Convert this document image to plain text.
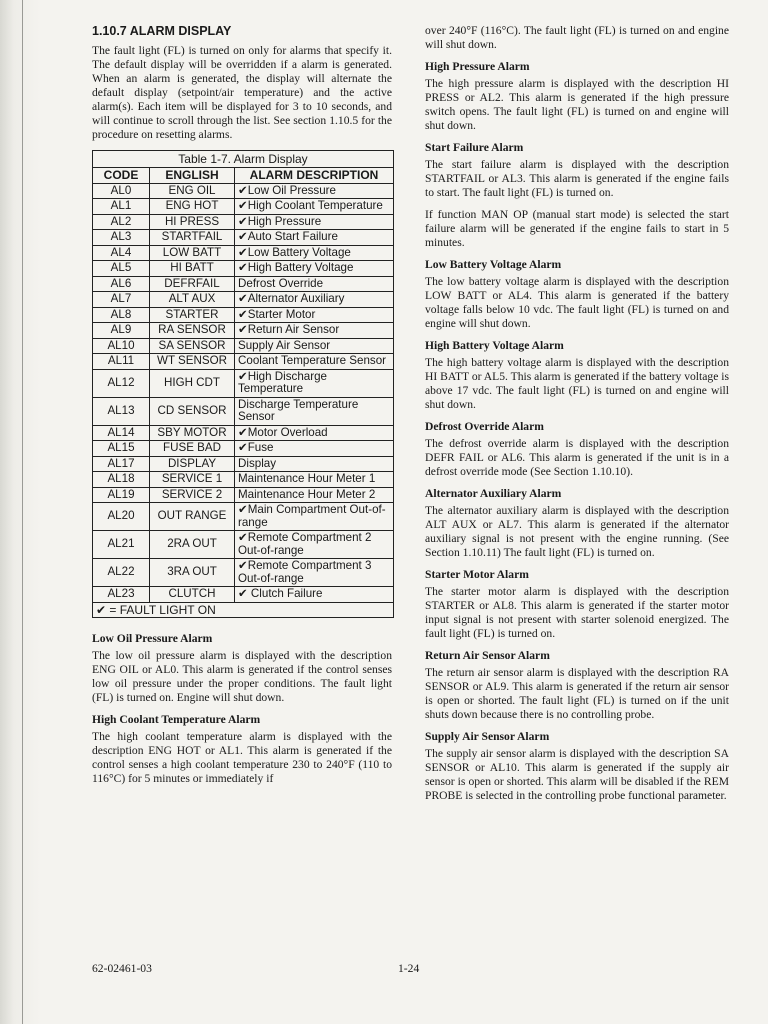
1.10.7 ALARM DISPLAY

The fault light (FL) is turned on only for alarms that specify it. The default display will be overridden if a alarm is generated. When an alarm is generated, the display will alternate the default display (setpoint/air temperature) and the active alarm(s). Each item will be displayed for 3 to 10 seconds, and will continue to scroll through the list. See section 1.10.5 for the procedure on resetting alarms.

Table 1-7. Alarm Display
CODE	ENGLISH	ALARM DESCRIPTION
AL0	ENG OIL	✔Low Oil Pressure
AL1	ENG HOT	✔High Coolant Temperature
AL2	HI PRESS	✔High Pressure
AL3	STARTFAIL	✔Auto Start Failure
AL4	LOW BATT	✔Low Battery Voltage
AL5	HI BATT	✔High Battery Voltage
AL6	DEFRFAIL	Defrost Override
AL7	ALT AUX	✔Alternator Auxiliary
AL8	STARTER	✔Starter Motor
AL9	RA SENSOR	✔Return Air Sensor
AL10	SA SENSOR	Supply Air Sensor
AL11	WT SENSOR	Coolant Temperature Sensor
AL12	HIGH CDT	✔High Discharge Temperature
AL13	CD SENSOR	Discharge Temperature Sensor
AL14	SBY MOTOR	✔Motor Overload
AL15	FUSE BAD	✔Fuse
AL17	DISPLAY	Display
AL18	SERVICE 1	Maintenance Hour Meter 1
AL19	SERVICE 2	Maintenance Hour Meter 2
AL20	OUT RANGE	✔Main Compartment Out-of-range
AL21	2RA OUT	✔Remote Compartment 2 Out-of-range
AL22	3RA OUT	✔Remote Compartment 3 Out-of-range
AL23	CLUTCH	✔ Clutch Failure
✔ = FAULT LIGHT ON		
Low Oil Pressure Alarm

The low oil pressure alarm is displayed with the description ENG OIL or AL0. This alarm is generated if the control senses low oil pressure under the proper conditions. The fault light (FL) is turned on. Engine will shut down.

High Coolant Temperature Alarm

The high coolant temperature alarm is displayed with the description ENG HOT or AL1. This alarm is generated if the control senses a high coolant temperature 230 to 240°F (110 to 116°C) for 5 minutes or immediately if

over 240°F (116°C). The fault light (FL) is turned on and engine will shut down.

High Pressure Alarm

The high pressure alarm is displayed with the description HI PRESS or AL2. This alarm is generated if the high pressure switch opens. The fault light (FL) is turned on and engine will shut down.

Start Failure Alarm

The start failure alarm is displayed with the description STARTFAIL or AL3. This alarm is generated if the engine fails to start. The fault light (FL) is turned on.

If function MAN OP (manual start mode) is selected the start failure alarm will be generated if the engine fails to start in 5 minutes.

Low Battery Voltage Alarm

The low battery voltage alarm is displayed with the description LOW BATT or AL4. This alarm is generated if the battery voltage falls below 10 vdc. The fault light (FL) is turned on and engine will shut down.

High Battery Voltage Alarm

The high battery voltage alarm is displayed with the description HI BATT or AL5. This alarm is generated if the battery voltage is above 17 vdc. The fault light (FL) is turned on and engine will shut down.

Defrost Override Alarm

The defrost override alarm is displayed with the description DEFR FAIL or AL6. This alarm is generated if the unit is in a defrost override mode (See Section 1.10.10).

Alternator Auxiliary Alarm

The alternator auxiliary alarm is displayed with the description ALT AUX or AL7. This alarm is generated if the alternator auxiliary signal is not present with the engine running. (See Section 1.10.11) The fault light (FL) is turned on.

Starter Motor Alarm

The starter motor alarm is displayed with the description STARTER or AL8. This alarm is generated if the starter motor input signal is not present with starter solenoid energized. The fault light (FL) is turned on.

Return Air Sensor Alarm

The return air sensor alarm is displayed with the description RA SENSOR or AL9. This alarm is generated if the return air sensor is open or shorted. The fault light (FL) is turned on if the unit shuts down because there is no controlling probe.

Supply Air Sensor Alarm

The supply air sensor alarm is displayed with the description SA SENSOR or AL10. This alarm is generated if the supply air sensor is open or shorted. This alarm will be disabled if the REM PROBE is selected in the controlling probe functional parameter.

62-02461-03	1-24
